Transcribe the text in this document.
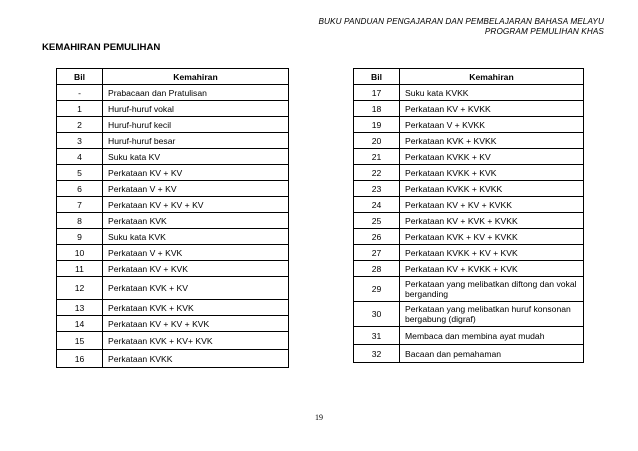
BUKU PANDUAN PENGAJARAN DAN PEMBELAJARAN BAHASA MELAYU
PROGRAM PEMULIHAN KHAS
KEMAHIRAN PEMULIHAN
Bil	Kemahiran
-	Prabacaan dan Pratulisan
1	Huruf-huruf vokal
2	Huruf-huruf kecil
3	Huruf-huruf besar
4	Suku kata KV
5	Perkataan KV + KV
6	Perkataan V + KV
7	Perkataan KV + KV + KV
8	Perkataan KVK
9	Suku kata KVK
10	Perkataan V + KVK
11	Perkataan KV + KVK
12	Perkataan KVK + KV
13	Perkataan KVK + KVK
14	Perkataan KV + KV + KVK
15	Perkataan KVK + KV+ KVK
16	Perkataan KVKK
Bil	Kemahiran
17	Suku kata KVKK
18	Perkataan KV + KVKK
19	Perkataan V + KVKK
20	Perkataan KVK + KVKK
21	Perkataan KVKK + KV
22	Perkataan KVKK + KVK
23	Perkataan KVKK + KVKK
24	Perkataan KV + KV + KVKK
25	Perkataan KV + KVK + KVKK
26	Perkataan KVK + KV + KVKK
27	Perkataan KVKK + KV + KVK
28	Perkataan KV + KVKK + KVK
29	Perkataan yang melibatkan diftong dan vokal berganding
30	Perkataan yang melibatkan huruf konsonan bergabung (digraf)
31	Membaca dan membina ayat mudah
32	Bacaan dan pemahaman
19
